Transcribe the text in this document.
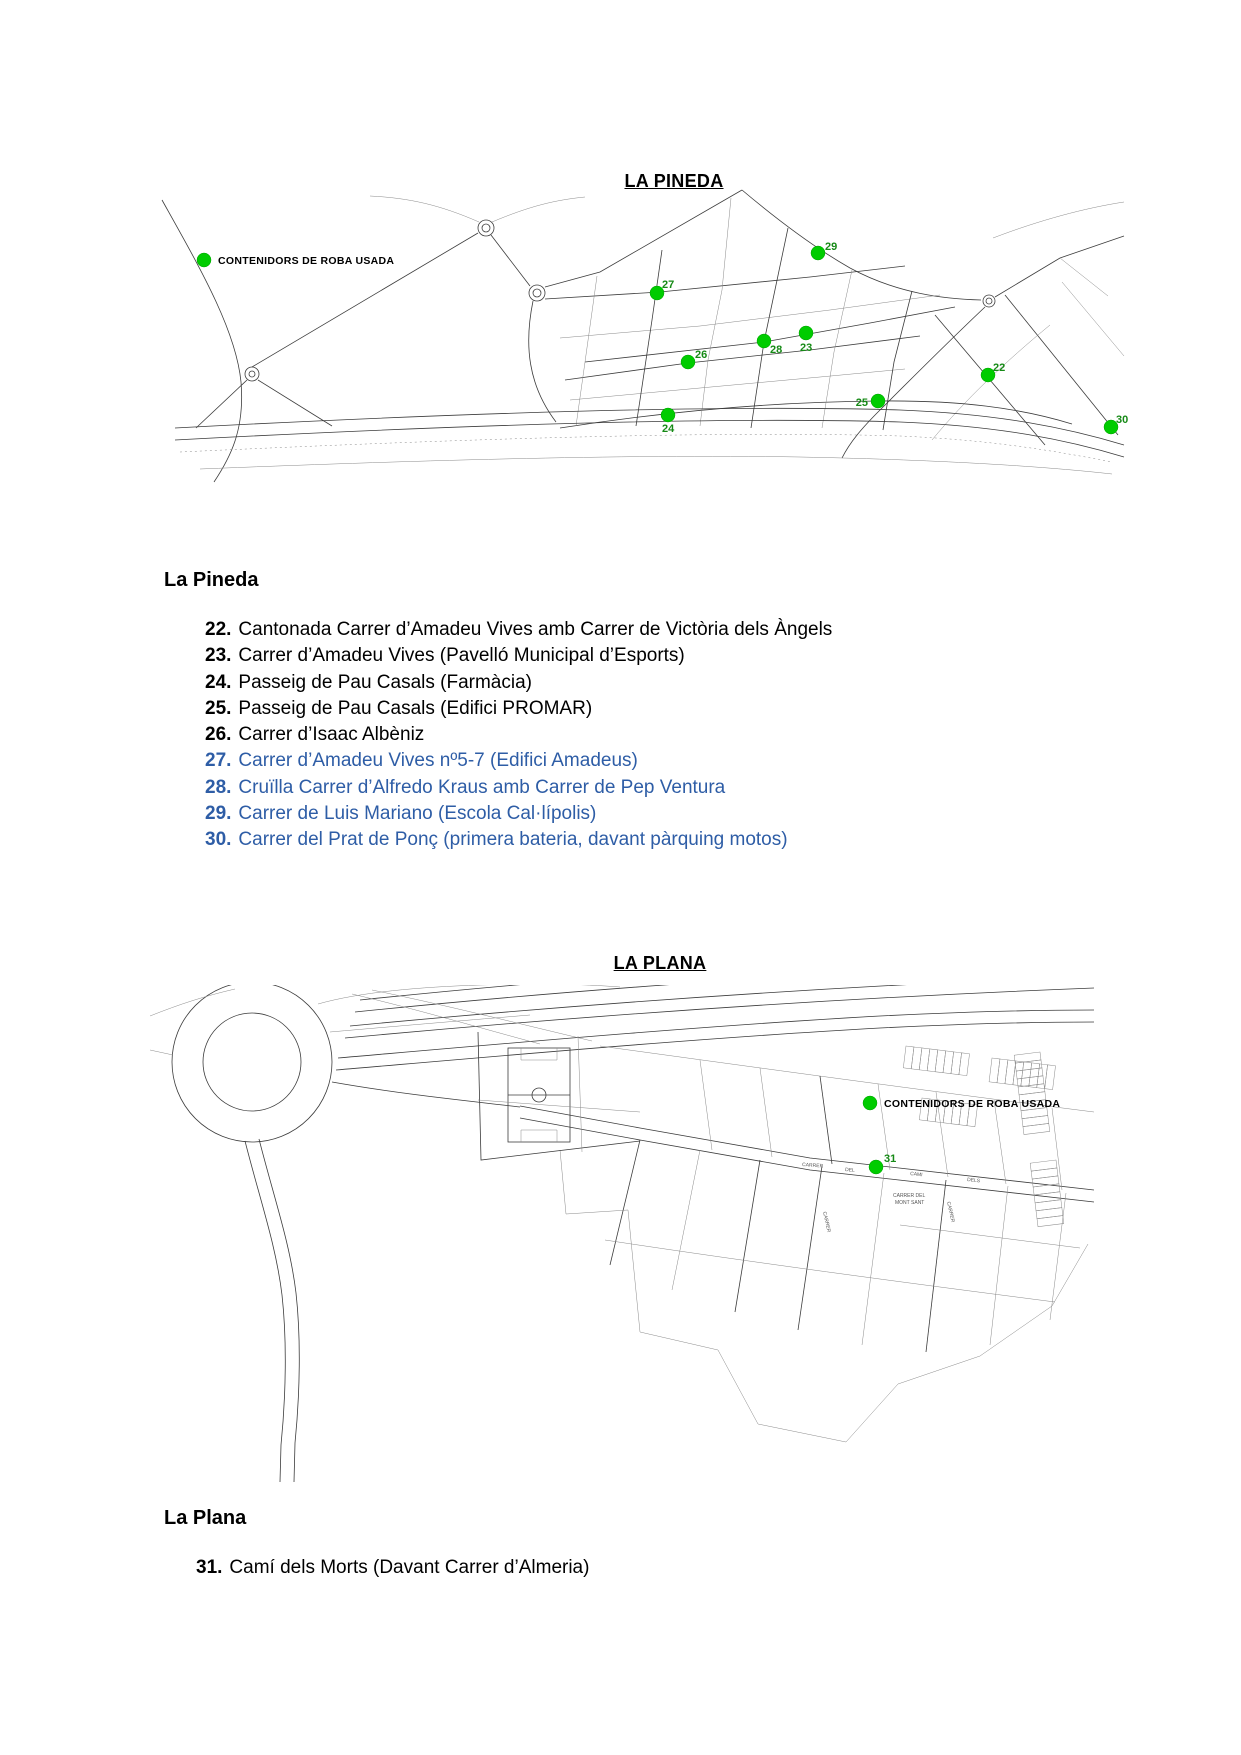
LA PINEDA
CONTENIDORS DE ROBA USADA
22
23
24
25
26
27
28
29
30
La Pineda
22. Cantonada Carrer d’Amadeu Vives amb Carrer de Victòria dels Àngels
23. Carrer d’Amadeu Vives (Pavelló Municipal d’Esports)
24. Passeig de Pau Casals (Farmàcia)
25. Passeig de Pau Casals (Edifici PROMAR)
26. Carrer d’Isaac Albèniz
27. Carrer d’Amadeu Vives nº5-7 (Edifici Amadeus)
28. Cruïlla Carrer d’Alfredo Kraus amb Carrer de Pep Ventura
29. Carrer de Luis Mariano (Escola Cal·lípolis)
30. Carrer del Prat de Ponç (primera bateria, davant pàrquing motos)
LA PLANA
CARRER
DEL
CAMI
DELS
CARRER	CARRER
CARRER DEL
MONT SANT
CONTENIDORS DE ROBA USADA
31
La Plana
31. Camí dels Morts (Davant Carrer d’Almeria)
